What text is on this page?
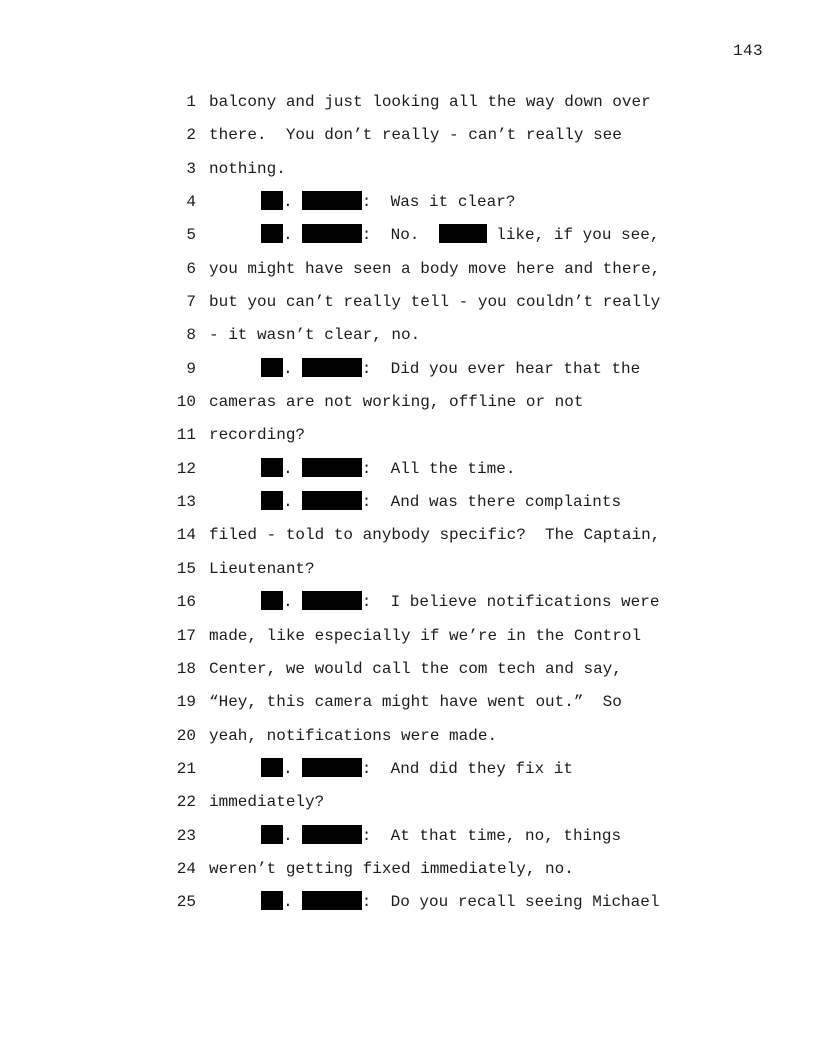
143
1 balcony and just looking all the way down over
2 there.  You don’t really - can’t really see
3 nothing.
4	.	:  Was it clear?
5	.	:  No.	like, if you see,
6 you might have seen a body move here and there,
7 but you can’t really tell - you couldn’t really
8 - it wasn’t clear, no.
9	.	:  Did you ever hear that the
10 cameras are not working, offline or not
11 recording?
12	.	:  All the time.
13	.	:  And was there complaints
14 filed - told to anybody specific?  The Captain,
15 Lieutenant?
16	.	:  I believe notifications were
17 made, like especially if we’re in the Control
18 Center, we would call the com tech and say,
19 “Hey, this camera might have went out.”  So
20 yeah, notifications were made.
21	.	:  And did they fix it
22 immediately?
23	.	:  At that time, no, things
24 weren’t getting fixed immediately, no.
25	.	:  Do you recall seeing Michael
